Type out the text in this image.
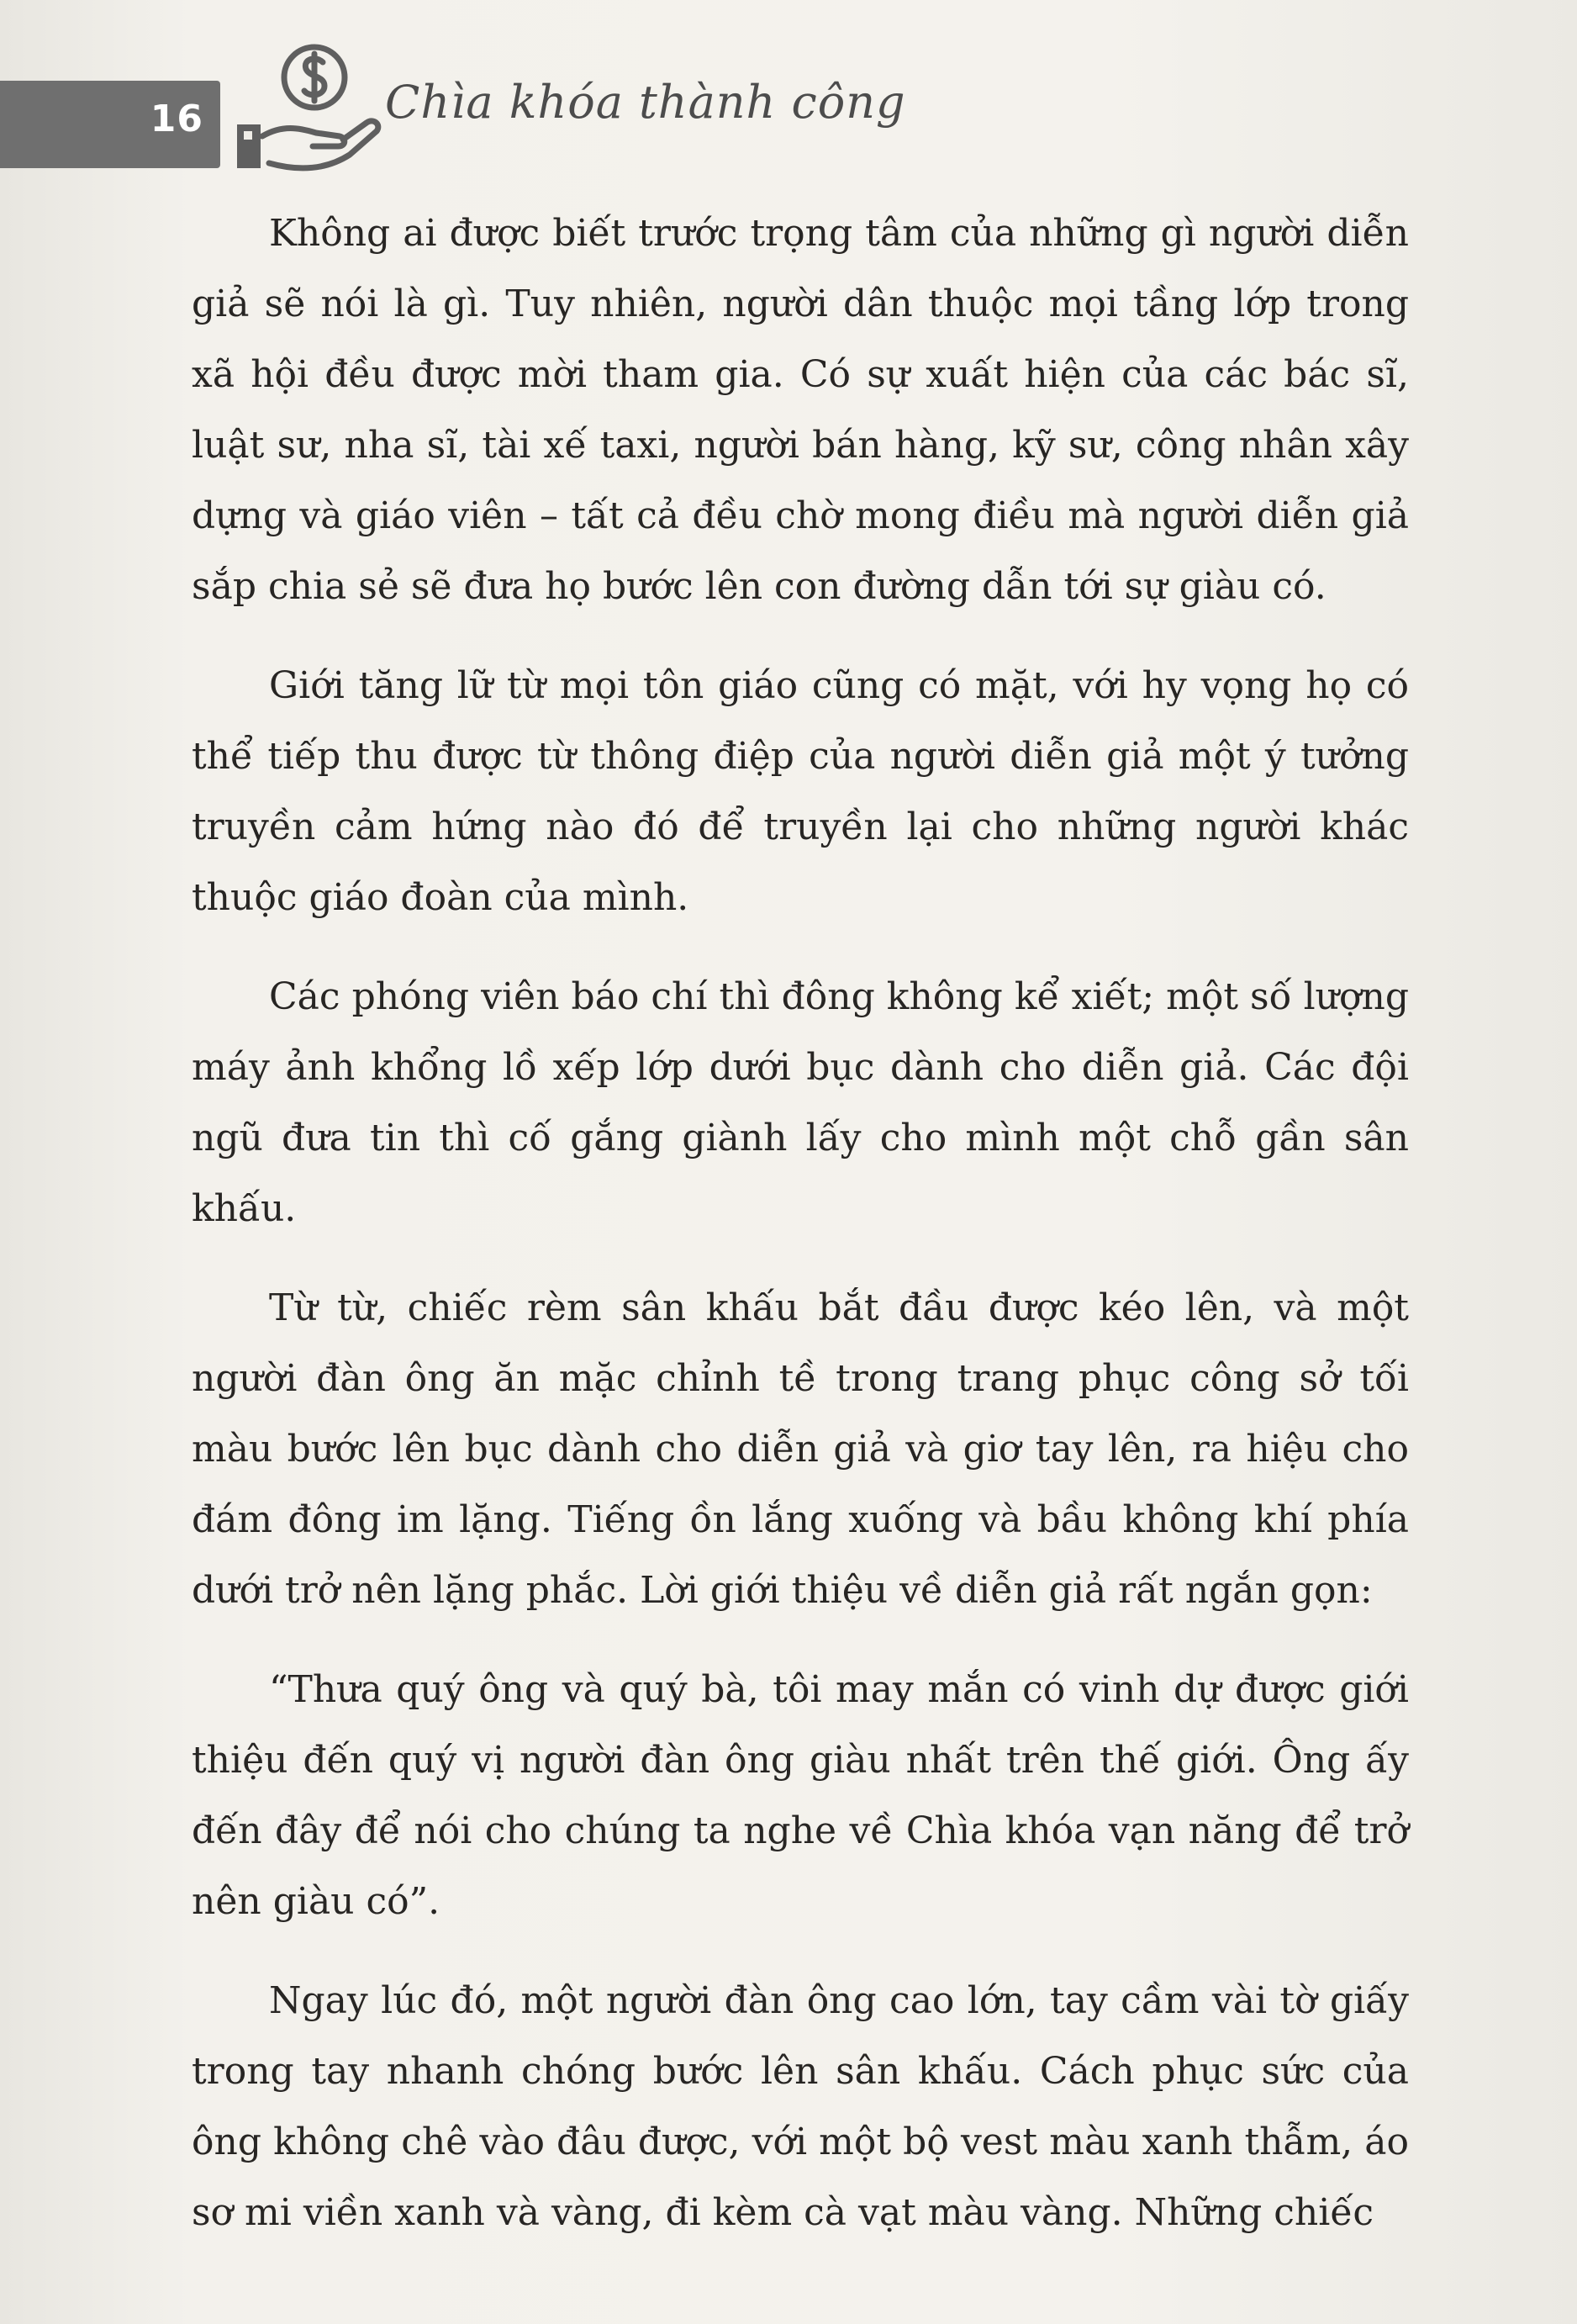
16	Chìa khóa thành công

Không ai được biết trước trọng tâm của những gì người diễn giả sẽ nói là gì. Tuy nhiên, người dân thuộc mọi tầng lớp trong xã hội đều được mời tham gia. Có sự xuất hiện của các bác sĩ, luật sư, nha sĩ, tài xế taxi, người bán hàng, kỹ sư, công nhân xây dựng và giáo viên – tất cả đều chờ mong điều mà người diễn giả sắp chia sẻ sẽ đưa họ bước lên con đường dẫn tới sự giàu có.

Giới tăng lữ từ mọi tôn giáo cũng có mặt, với hy vọng họ có thể tiếp thu được từ thông điệp của người diễn giả một ý tưởng truyền cảm hứng nào đó để truyền lại cho những người khác thuộc giáo đoàn của mình.

Các phóng viên báo chí thì đông không kể xiết; một số lượng máy ảnh khổng lồ xếp lớp dưới bục dành cho diễn giả. Các đội ngũ đưa tin thì cố gắng giành lấy cho mình một chỗ gần sân khấu.

Từ từ, chiếc rèm sân khấu bắt đầu được kéo lên, và một người đàn ông ăn mặc chỉnh tề trong trang phục công sở tối màu bước lên bục dành cho diễn giả và giơ tay lên, ra hiệu cho đám đông im lặng. Tiếng ồn lắng xuống và bầu không khí phía dưới trở nên lặng phắc. Lời giới thiệu về diễn giả rất ngắn gọn:

“Thưa quý ông và quý bà, tôi may mắn có vinh dự được giới thiệu đến quý vị người đàn ông giàu nhất trên thế giới. Ông ấy đến đây để nói cho chúng ta nghe về Chìa khóa vạn năng để trở nên giàu có”.

Ngay lúc đó, một người đàn ông cao lớn, tay cầm vài tờ giấy trong tay nhanh chóng bước lên sân khấu. Cách phục sức của ông không chê vào đâu được, với một bộ vest màu xanh thẫm, áo sơ mi viền xanh và vàng, đi kèm cà vạt màu vàng. Những chiếc
